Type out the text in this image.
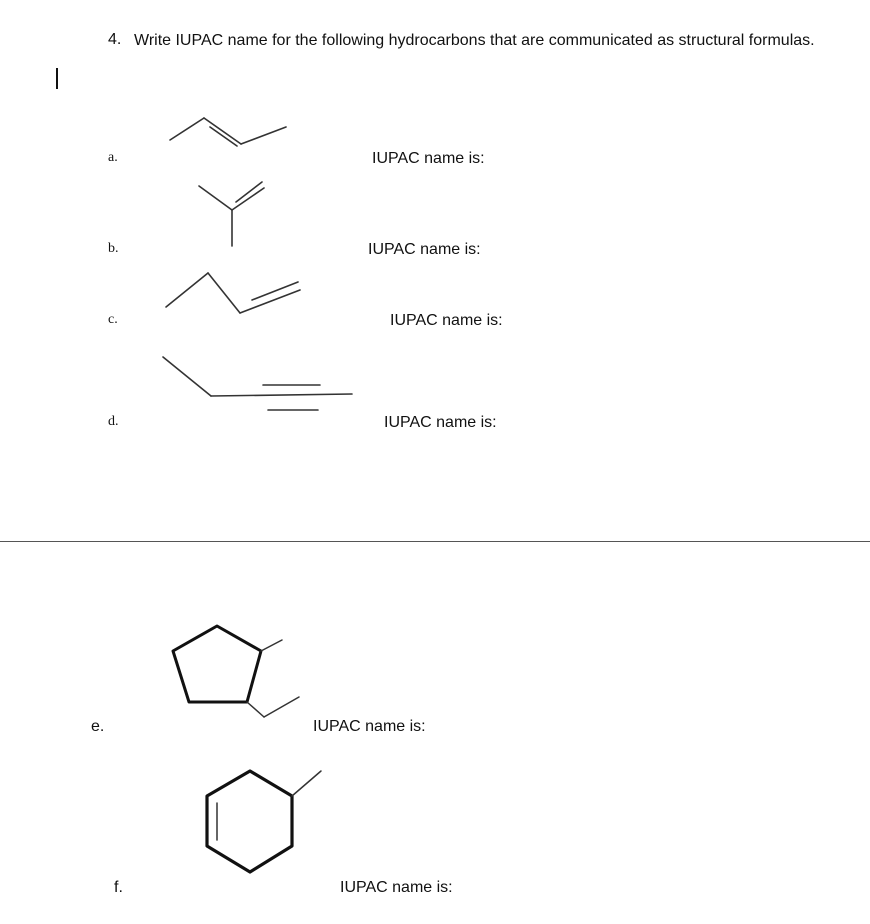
4. Write IUPAC name for the following hydrocarbons that are communicated as structural formulas.
a.	IUPAC name is:
b.	IUPAC name is:
c.	IUPAC name is:
d.	IUPAC name is:
e.	IUPAC name is:
f.	IUPAC name is:
